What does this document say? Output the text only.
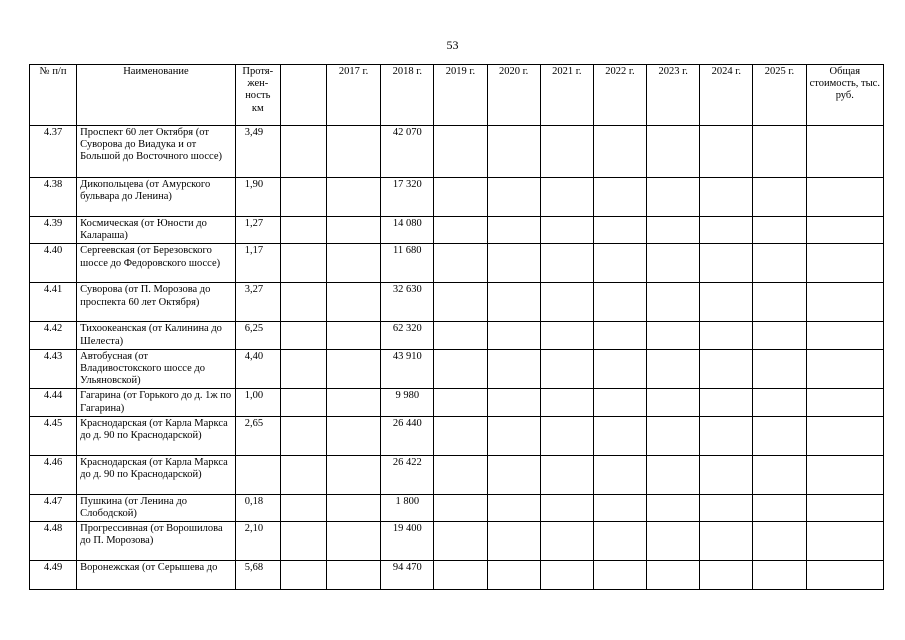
53
№ п/п	Наименование	Протя-жен-ность км		2017 г.	2018 г.	2019 г.	2020 г.	2021 г.	2022 г.	2023 г.	2024 г.	2025 г.	Общая стоимость, тыс. руб.
4.37	Проспект 60 лет Октября (от Суворова до Виадука и от Большой до Восточного шоссе)	3,49			42 070								
4.38	Дикопольцева (от Амурского бульвара до Ленина)	1,90			17 320								
4.39	Космическая (от Юности до Калараша)	1,27			14 080								
4.40	Сергеевская (от Березовского шоссе до Федоровского шоссе)	1,17			11 680								
4.41	Суворова (от П. Морозова до проспекта 60 лет Октября)	3,27			32 630								
4.42	Тихоокеанская (от Калинина до Шелеста)	6,25			62 320								
4.43	Автобусная (от Владивостокского шоссе до Ульяновской)	4,40			43 910								
4.44	Гагарина (от Горького до д. 1ж по Гагарина)	1,00			9 980								
4.45	Краснодарская (от Карла Маркса до д. 90 по Краснодарской)	2,65			26 440								
4.46	Краснодарская (от Карла Маркса до д. 90 по Краснодарской)				26 422								
4.47	Пушкина (от Ленина до Слободской)	0,18			1 800								
4.48	Прогрессивная (от Ворошилова до П. Морозова)	2,10			19 400								
4.49	Воронежская (от Серышева до	5,68			94 470								
